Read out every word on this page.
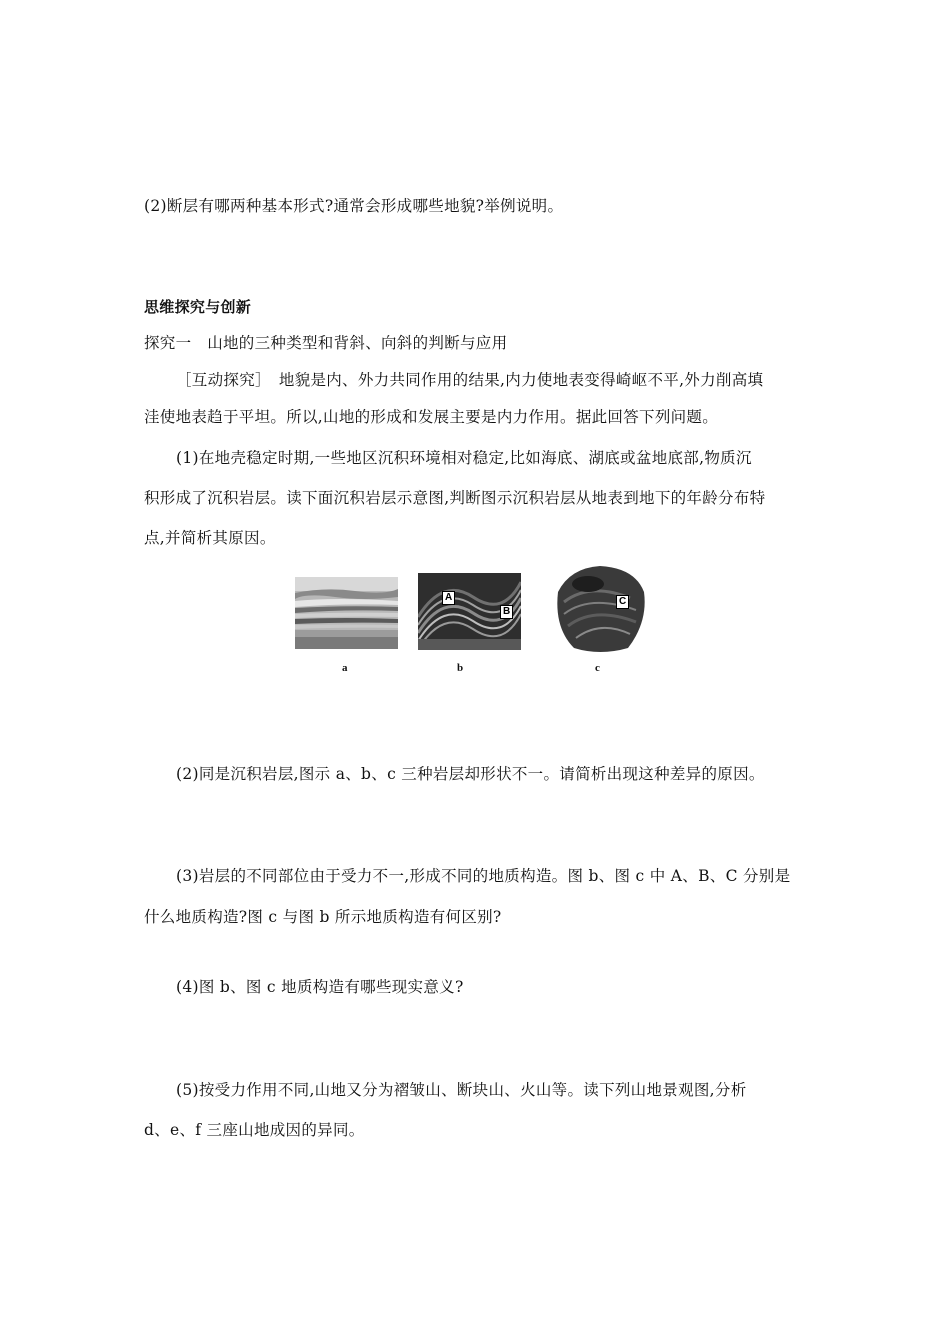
(2)断层有哪两种基本形式?通常会形成哪些地貌?举例说明。
思维探究与创新
探究一　山地的三种类型和背斜、向斜的判断与应用
［互动探究］　地貌是内、外力共同作用的结果,内力使地表变得崎岖不平,外力削高填
洼使地表趋于平坦。所以,山地的形成和发展主要是内力作用。据此回答下列问题。
(1)在地壳稳定时期,一些地区沉积环境相对稳定,比如海底、湖底或盆地底部,物质沉
积形成了沉积岩层。读下面沉积岩层示意图,判断图示沉积岩层从地表到地下的年龄分布特
点,并简析其原因。
a
A
B
b
C
c
(2)同是沉积岩层,图示 a、b、c 三种岩层却形状不一。请简析出现这种差异的原因。
(3)岩层的不同部位由于受力不一,形成不同的地质构造。图 b、图 c 中 A、B、C 分别是
什么地质构造?图 c 与图 b 所示地质构造有何区别?
(4)图 b、图 c 地质构造有哪些现实意义?
(5)按受力作用不同,山地又分为褶皱山、断块山、火山等。读下列山地景观图,分析
d、e、f 三座山地成因的异同。
